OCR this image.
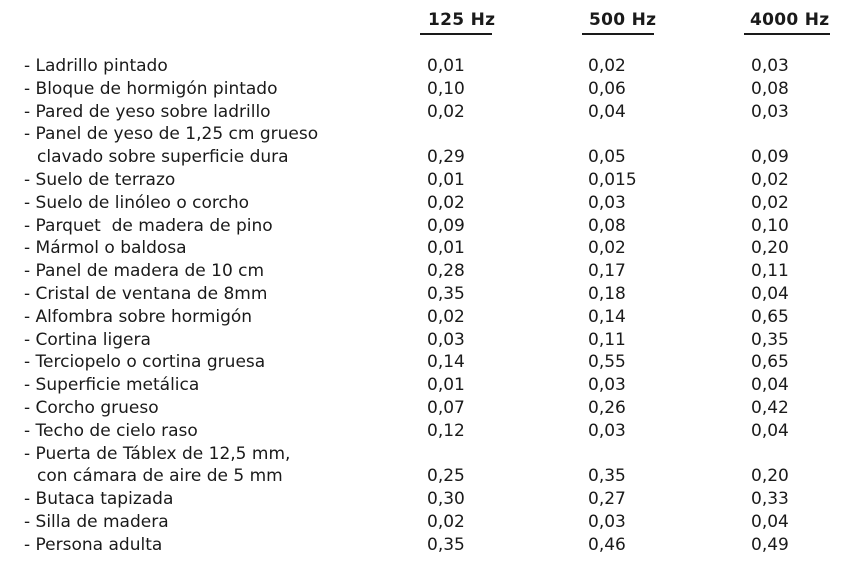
125 Hz	500 Hz	4000 Hz
- Ladrillo pintado	0,01	0,02	0,03
- Bloque de hormigón pintado	0,10	0,06	0,08
- Pared de yeso sobre ladrillo	0,02	0,04	0,03
- Panel de yeso de 1,25 cm grueso
clavado sobre superficie dura	0,29	0,05	0,09
- Suelo de terrazo	0,01	0,015	0,02
- Suelo de linóleo o corcho	0,02	0,03	0,02
- Parquet  de madera de pino	0,09	0,08	0,10
- Mármol o baldosa	0,01	0,02	0,20
- Panel de madera de 10 cm	0,28	0,17	0,11
- Cristal de ventana de 8mm	0,35	0,18	0,04
- Alfombra sobre hormigón	0,02	0,14	0,65
- Cortina ligera	0,03	0,11	0,35
- Terciopelo o cortina gruesa	0,14	0,55	0,65
- Superficie metálica	0,01	0,03	0,04
- Corcho grueso	0,07	0,26	0,42
- Techo de cielo raso	0,12	0,03	0,04
- Puerta de Táblex de 12,5 mm,
con cámara de aire de 5 mm	0,25	0,35	0,20
- Butaca tapizada	0,30	0,27	0,33
- Silla de madera	0,02	0,03	0,04
- Persona adulta	0,35	0,46	0,49
